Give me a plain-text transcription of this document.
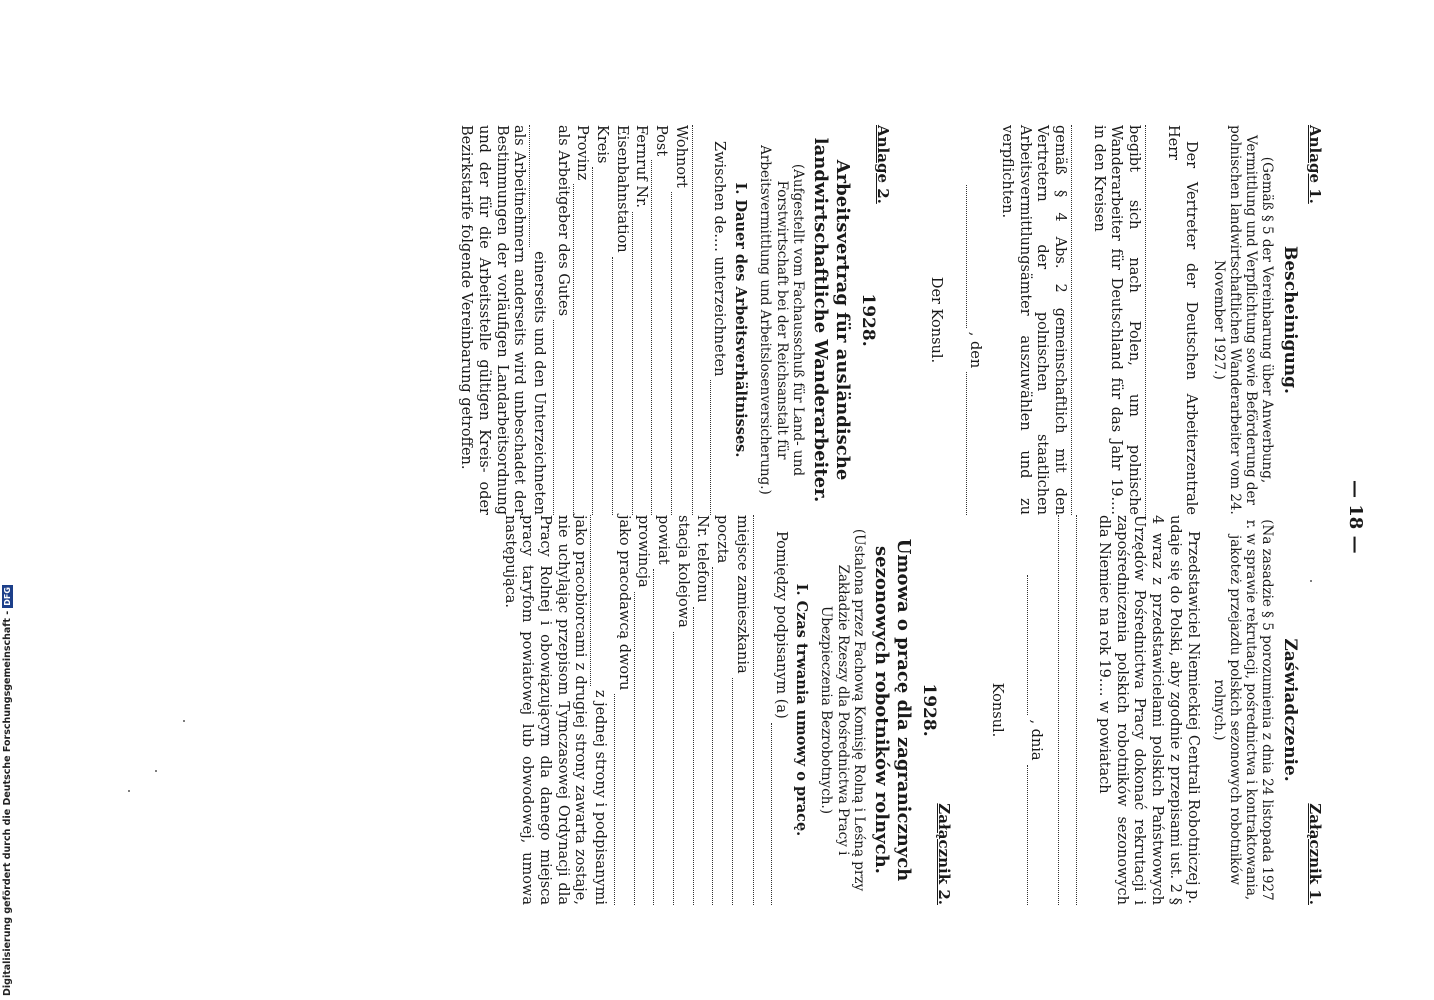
— 18 —
Anlage 1.
Bescheinigung.

(Gemäß § 5 der Vereinbarung über Anwerbung, Vermittlung und Verpflichtung sowie Beförderung der polnischen landwirtschaftlichen Wanderarbeiter vom 24. November 1927.)

Der Vertreter der Deutschen Arbeiterzentrale Herr

begibt sich nach Polen, um polnische Wanderarbeiter für Deutschland für das Jahr 19.... in den Kreisen

gemäß § 4 Abs. 2 gemeinschaftlich mit den Vertretern der polnischen staatlichen Arbeitsvermittlungsämter auszuwählen und zu verpflichten.

, den

Der Konsul.

Anlage 2.

1928.

Arbeitsvertrag für ausländische landwirtschaftliche Wanderarbeiter.

(Aufgestellt vom Fachausschuß für Land- und Forstwirtschaft bei der Reichsanstalt für Arbeitsvermittlung und Arbeitslosenversicherung.)

I. Dauer des Arbeitsverhältnisses.

Zwischen de.... unterzeichneten
Wohnort
Post
Fernruf Nr.
Eisenbahnstation
Kreis
Provinz
als Arbeitgeber des Gutes
einerseits und den Unterzeichneten

als Arbeitnehmern anderseits wird unbeschadet der Bestimmungen der vorläufigen Landarbeitsordnung und der für die Arbeitsstelle gültigen Kreis- oder Bezirkstarife folgende Vereinbarung getroffen.

Załącznik 1.
Zaświadczenie.

(Na zasadzie § 5 porozumienia z dnia 24 listopada 1927 r. w sprawie rekrutacji, pośrednictwa i kontraktowania, jakoteż przejazdu polskich sezonowych robotników rolnych.)

Przedstawiciel Niemieckiej Centrali Robotniczej p.

udaje się do Polski, aby zgodnie z przepisami ust. 2 § 4 wraz z przedstawicielami polskich Państwowych Urzędów Pośrednictwa Pracy dokonać rekrutacji i zapośredniczenia polskich robotników sezonowych dla Niemiec na rok 19.... w powiatach

, dnia

Konsul.

Załącznik 2.

1928.

Umowa o pracę dla zagranicznych sezonowych robotników rolnych.

(Ustalona przez Fachową Komisję Rolną i Leśną przy Zakładzie Rzeszy dla Pośrednictwa Pracy i Ubezpieczenia Bezrobotnych.)

I. Czas trwania umowy o pracę.

Pomiędzy podpisanym (a)
miejsce zamieszkania
poczta
Nr. telefonu
stacja kolejowa
powiat
prowincja
jako pracodawcą dworu
z jednej strony i podpisanymi

jako pracobiorcami z drugiej strony zawarta zostaje, nie uchylając przepisom Tymczasowej Ordynacji dla Pracy Rolnej i obowiązującym dla danego miejsca pracy taryfom powiatowej lub obwodowej, umowa następująca.

Digitalisierung gefördert durch die Deutsche Forschungsgemeinschaft -
DFG
